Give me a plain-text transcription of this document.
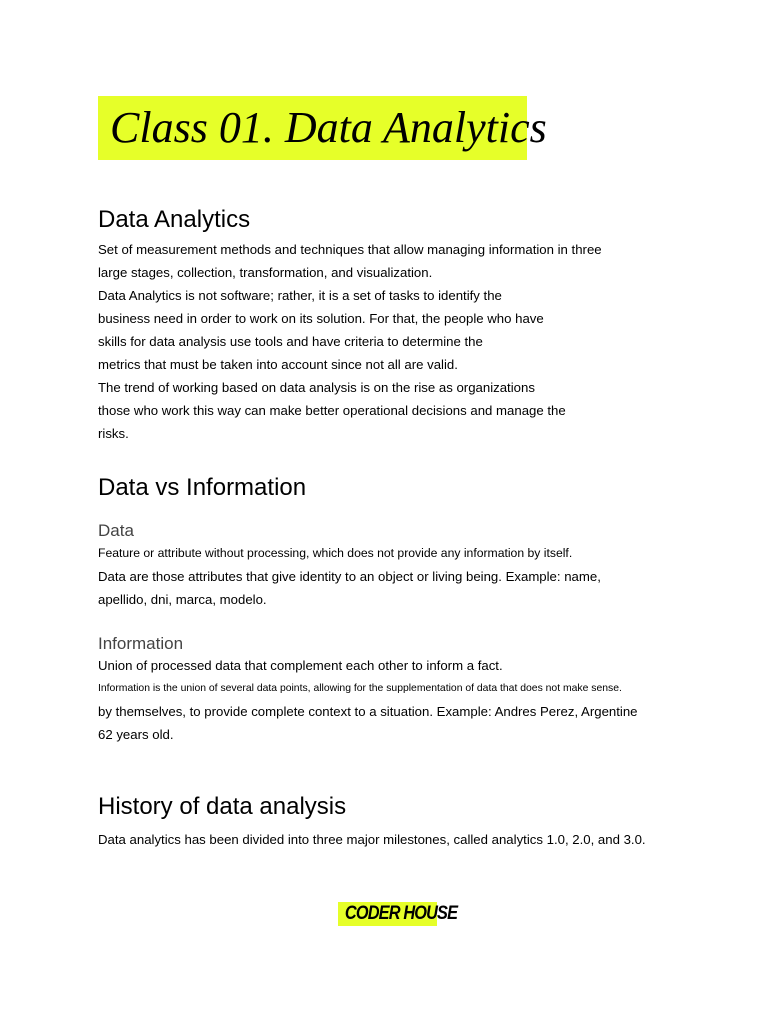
Class 01. Data Analytics
Data Analytics

Set of measurement methods and techniques that allow managing information in three

large stages, collection, transformation, and visualization.

Data Analytics is not software; rather, it is a set of tasks to identify the

business need in order to work on its solution. For that, the people who have

skills for data analysis use tools and have criteria to determine the

metrics that must be taken into account since not all are valid.

The trend of working based on data analysis is on the rise as organizations

those who work this way can make better operational decisions and manage the

risks.

Data vs Information
Data

Feature or attribute without processing, which does not provide any information by itself.

Data are those attributes that give identity to an object or living being. Example: name,

apellido, dni, marca, modelo.

Information

Union of processed data that complement each other to inform a fact.

Information is the union of several data points, allowing for the supplementation of data that does not make sense.

by themselves, to provide complete context to a situation. Example: Andres Perez, Argentine

62 years old.

History of data analysis

Data analytics has been divided into three major milestones, called analytics 1.0, 2.0, and 3.0.

CODER HOUSE
